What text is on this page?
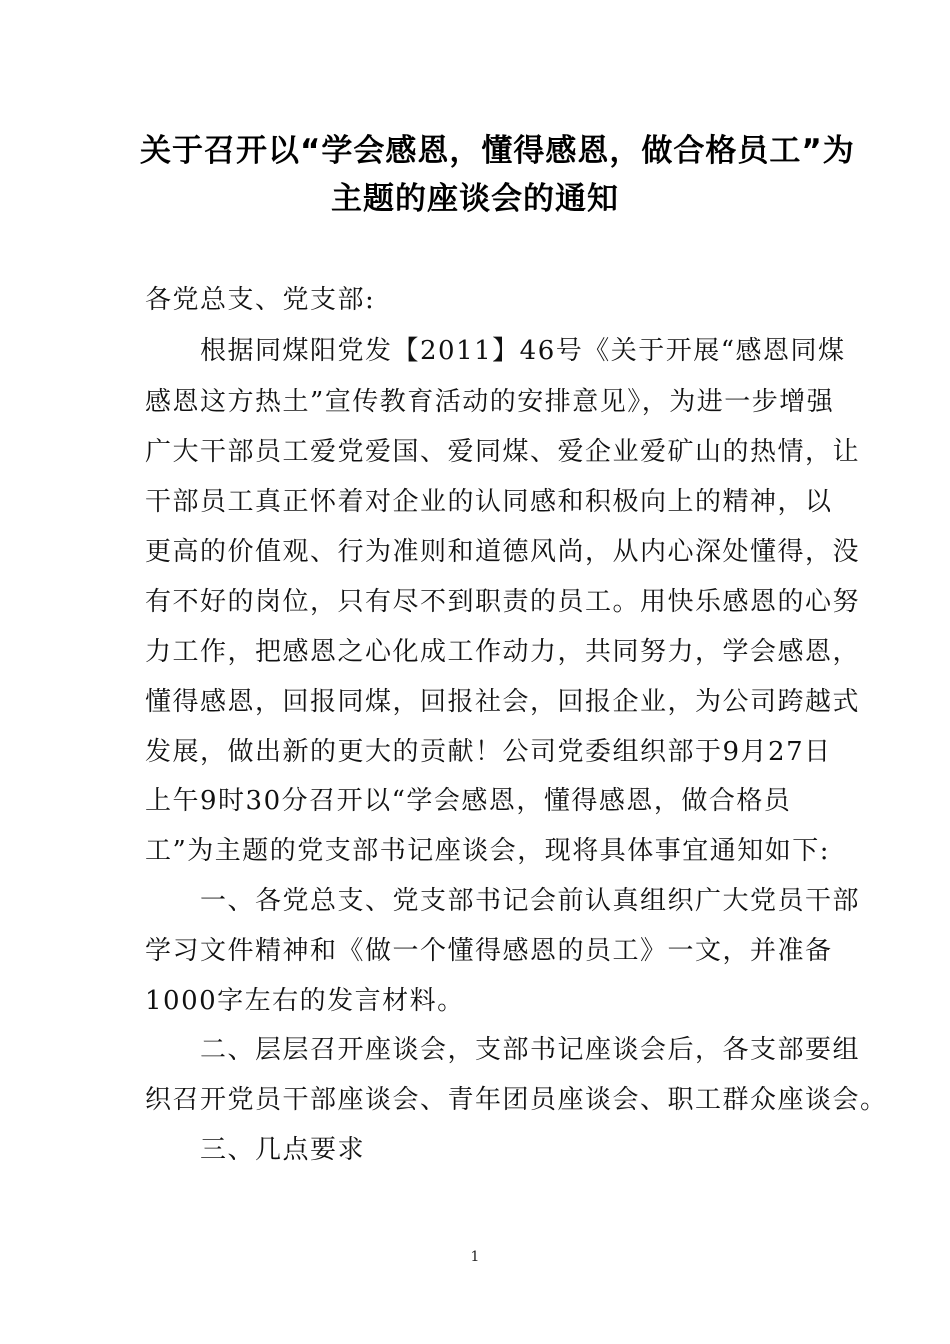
关于召开以“学会感恩，懂得感恩，做合格员工”为
主题的座谈会的通知
各党总支、党支部:
根据同煤阳党发【2011】46号《关于开展“感恩同煤
感恩这方热土”宣传教育活动的安排意见》，为进一步增强
广大干部员工爱党爱国、爱同煤、爱企业爱矿山的热情，让
干部员工真正怀着对企业的认同感和积极向上的精神，以
更高的价值观、行为准则和道德风尚，从内心深处懂得，没
有不好的岗位，只有尽不到职责的员工。用快乐感恩的心努
力工作，把感恩之心化成工作动力，共同努力，学会感恩，
懂得感恩，回报同煤，回报社会，回报企业，为公司跨越式
发展，做出新的更大的贡献！公司党委组织部于9月27日
上午9时30分召开以“学会感恩，懂得感恩，做合格员
工”为主题的党支部书记座谈会，现将具体事宜通知如下:
一、各党总支、党支部书记会前认真组织广大党员干部
学习文件精神和《做一个懂得感恩的员工》一文，并准备
1000字左右的发言材料。
二、层层召开座谈会，支部书记座谈会后，各支部要组
织召开党员干部座谈会、青年团员座谈会、职工群众座谈会。
三、几点要求
1
